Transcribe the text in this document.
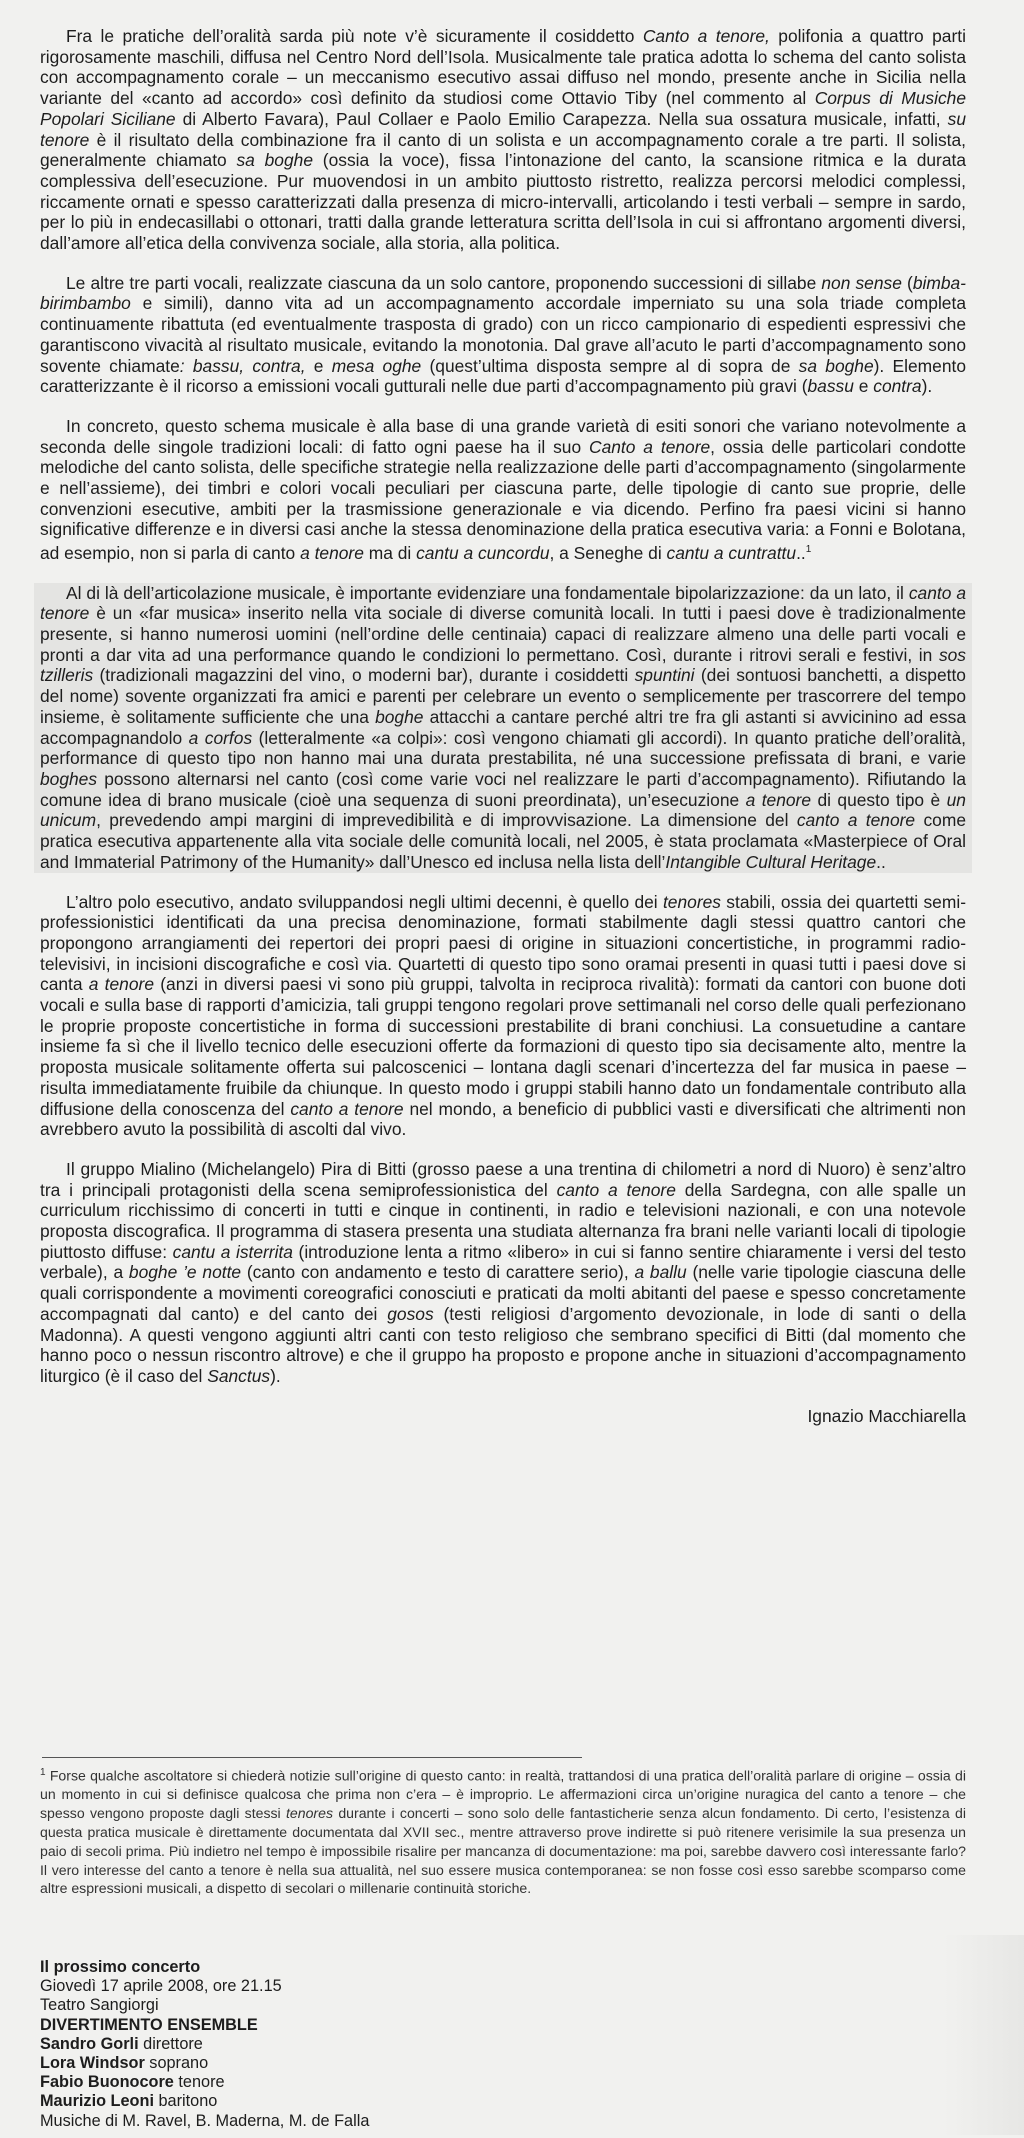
Fra le pratiche dell’oralità sarda più note v’è sicuramente il cosiddetto Canto a tenore, polifonia a quattro parti rigorosamente maschili, diffusa nel Centro Nord dell’Isola. Musicalmente tale pratica adotta lo schema del canto solista con accompagnamento corale – un meccanismo esecutivo assai diffuso nel mondo, presente anche in Sicilia nella variante del «canto ad accordo» così definito da studiosi come Ottavio Tiby (nel commento al Corpus di Musiche Popolari Siciliane di Alberto Favara), Paul Collaer e Paolo Emilio Carapezza. Nella sua ossatura musicale, infatti, su tenore è il risultato della combinazione fra il canto di un solista e un accompagnamento corale a tre parti. Il solista, generalmente chiamato sa boghe (ossia la voce), fissa l’intonazione del canto, la scansione ritmica e la durata complessiva dell’esecuzione. Pur muovendosi in un ambito piuttosto ristretto, realizza percorsi melodici complessi, riccamente ornati e spesso caratterizzati dalla presenza di micro-intervalli, articolando i testi verbali – sempre in sardo, per lo più in endecasillabi o ottonari, tratti dalla grande letteratura scritta dell’Isola in cui si affrontano argomenti diversi, dall’amore all’etica della convivenza sociale, alla storia, alla politica.

Le altre tre parti vocali, realizzate ciascuna da un solo cantore, proponendo successioni di sillabe non sense (bimba-birimbambo e simili), danno vita ad un accompagnamento accordale imperniato su una sola triade completa continuamente ribattuta (ed eventualmente trasposta di grado) con un ricco campionario di espedienti espressivi che garantiscono vivacità al risultato musicale, evitando la monotonia. Dal grave all’acuto le parti d’accompagnamento sono sovente chiamate: bassu, contra, e mesa oghe (quest’ultima disposta sempre al di sopra de sa boghe). Elemento caratterizzante è il ricorso a emissioni vocali gutturali nelle due parti d’accompagnamento più gravi (bassu e contra).

In concreto, questo schema musicale è alla base di una grande varietà di esiti sonori che variano notevolmente a seconda delle singole tradizioni locali: di fatto ogni paese ha il suo Canto a tenore, ossia delle particolari condotte melodiche del canto solista, delle specifiche strategie nella realizzazione delle parti d’accompagnamento (singolarmente e nell’assieme), dei timbri e colori vocali peculiari per ciascuna parte, delle tipologie di canto sue proprie, delle convenzioni esecutive, ambiti per la trasmissione generazionale e via dicendo. Perfino fra paesi vicini si hanno significative differenze e in diversi casi anche la stessa denominazione della pratica esecutiva varia: a Fonni e Bolotana, ad esempio, non si parla di canto a tenore ma di cantu a cuncordu, a Seneghe di cantu a cuntrattu..$^1$

Al di là dell’articolazione musicale, è importante evidenziare una fondamentale bipolarizzazione: da un lato, il canto a tenore è un «far musica» inserito nella vita sociale di diverse comunità locali. In tutti i paesi dove è tradizionalmente presente, si hanno numerosi uomini (nell’ordine delle centinaia) capaci di realizzare almeno una delle parti vocali e pronti a dar vita ad una performance quando le condizioni lo permettano. Così, durante i ritrovi serali e festivi, in sos tzilleris (tradizionali magazzini del vino, o moderni bar), durante i cosiddetti spuntini (dei sontuosi banchetti, a dispetto del nome) sovente organizzati fra amici e parenti per celebrare un evento o semplicemente per trascorrere del tempo insieme, è solitamente sufficiente che una boghe attacchi a cantare perché altri tre fra gli astanti si avvicinino ad essa accompagnandolo a corfos (letteralmente «a colpi»: così vengono chiamati gli accordi). In quanto pratiche dell’oralità, performance di questo tipo non hanno mai una durata prestabilita, né una successione prefissata di brani, e varie boghes possono alternarsi nel canto (così come varie voci nel realizzare le parti d’accompagnamento). Rifiutando la comune idea di brano musicale (cioè una sequenza di suoni preordinata), un’esecuzione a tenore di questo tipo è un unicum, prevedendo ampi margini di imprevedibilità e di improvvisazione. La dimensione del canto a tenore come pratica esecutiva appartenente alla vita sociale delle comunità locali, nel 2005, è stata proclamata «Masterpiece of Oral and Immaterial Patrimony of the Humanity» dall’Unesco ed inclusa nella lista dell’Intangible Cultural Heritage..

L’altro polo esecutivo, andato sviluppandosi negli ultimi decenni, è quello dei tenores stabili, ossia dei quartetti semi-professionistici identificati da una precisa denominazione, formati stabilmente dagli stessi quattro cantori che propongono arrangiamenti dei repertori dei propri paesi di origine in situazioni concertistiche, in programmi radio-televisivi, in incisioni discografiche e così via. Quartetti di questo tipo sono oramai presenti in quasi tutti i paesi dove si canta a tenore (anzi in diversi paesi vi sono più gruppi, talvolta in reciproca rivalità): formati da cantori con buone doti vocali e sulla base di rapporti d’amicizia, tali gruppi tengono regolari prove settimanali nel corso delle quali perfezionano le proprie proposte concertistiche in forma di successioni prestabilite di brani conchiusi. La consuetudine a cantare insieme fa sì che il livello tecnico delle esecuzioni offerte da formazioni di questo tipo sia decisamente alto, mentre la proposta musicale solitamente offerta sui palcoscenici – lontana dagli scenari d’incertezza del far musica in paese – risulta immediatamente fruibile da chiunque. In questo modo i gruppi stabili hanno dato un fondamentale contributo alla diffusione della conoscenza del canto a tenore nel mondo, a beneficio di pubblici vasti e diversificati che altrimenti non avrebbero avuto la possibilità di ascolti dal vivo.

Il gruppo Mialino (Michelangelo) Pira di Bitti (grosso paese a una trentina di chilometri a nord di Nuoro) è senz’altro tra i principali protagonisti della scena semiprofessionistica del canto a tenore della Sardegna, con alle spalle un curriculum ricchissimo di concerti in tutti e cinque in continenti, in radio e televisioni nazionali, e con una notevole proposta discografica. Il programma di stasera presenta una studiata alternanza fra brani nelle varianti locali di tipologie piuttosto diffuse: cantu a isterrita (introduzione lenta a ritmo «libero» in cui si fanno sentire chiaramente i versi del testo verbale), a boghe ’e notte (canto con andamento e testo di carattere serio), a ballu (nelle varie tipologie ciascuna delle quali corrispondente a movimenti coreografici conosciuti e praticati da molti abitanti del paese e spesso concretamente accompagnati dal canto) e del canto dei gosos (testi religiosi d’argomento devozionale, in lode di santi o della Madonna). A questi vengono aggiunti altri canti con testo religioso che sembrano specifici di Bitti (dal momento che hanno poco o nessun riscontro altrove) e che il gruppo ha proposto e propone anche in situazioni d’accompagnamento liturgico (è il caso del Sanctus).

Ignazio Macchiarella
$^1$ Forse qualche ascoltatore si chiederà notizie sull’origine di questo canto: in realtà, trattandosi di una pratica dell’oralità parlare di origine – ossia di un momento in cui si definisce qualcosa che prima non c’era – è improprio. Le affermazioni circa un’origine nuragica del canto a tenore – che spesso vengono proposte dagli stessi tenores durante i concerti – sono solo delle fantasticherie senza alcun fondamento. Di certo, l’esistenza di questa pratica musicale è direttamente documentata dal XVII sec., mentre attraverso prove indirette si può ritenere verisimile la sua presenza un paio di secoli prima. Più indietro nel tempo è impossibile risalire per mancanza di documentazione: ma poi, sarebbe davvero così interessante farlo? Il vero interesse del canto a tenore è nella sua attualità, nel suo essere musica contemporanea: se non fosse così esso sarebbe scomparso come altre espressioni musicali, a dispetto di secolari o millenarie continuità storiche.
Il prossimo concerto
Giovedì 17 aprile 2008, ore 21.15
Teatro Sangiorgi
DIVERTIMENTO ENSEMBLE
Sandro Gorli direttore
Lora Windsor soprano
Fabio Buonocore tenore
Maurizio Leoni baritono
Musiche di M. Ravel, B. Maderna, M. de Falla
